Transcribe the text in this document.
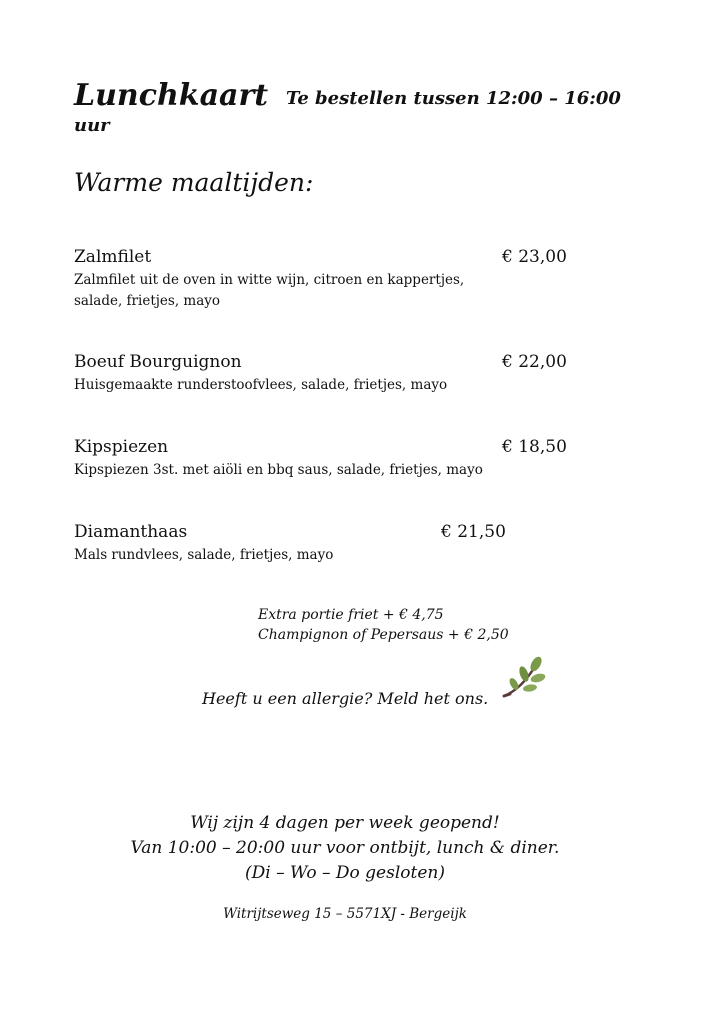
Lunchkaart Te bestellen tussen 12:00 – 16:00
uur
Warme maaltijden:
Zalmfilet	€ 23,00
Zalmfilet uit de oven in witte wijn, citroen en kappertjes, salade, frietjes, mayo
Boeuf Bourguignon	€ 22,00
Huisgemaakte runderstoofvlees, salade, frietjes, mayo
Kipspiezen	€ 18,50
Kipspiezen 3st. met aiöli en bbq saus, salade, frietjes, mayo
Diamanthaas	€ 21,50
Mals rundvlees, salade, frietjes, mayo
Extra portie friet + € 4,75
Champignon of Pepersaus + € 2,50
Heeft u een allergie? Meld het ons.
Wij zijn 4 dagen per week geopend!
Van 10:00 – 20:00 uur voor ontbijt, lunch & diner.
(Di – Wo – Do gesloten)
Witrijtseweg 15 – 5571XJ - Bergeijk
